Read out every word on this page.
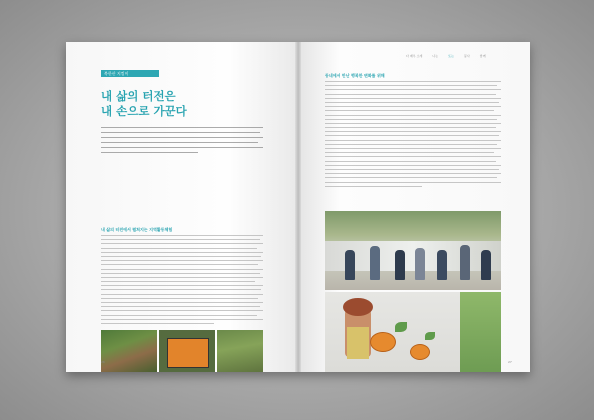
북한산 지킴이
내 삶의 터전은
내 손으로 가꾼다
내 삶의 터전에서 펼쳐지는 지역활동체험
26
다 배우 소개	나는	또는	봉사	함께
동네에서 만난 행복한 변화를 위해
27
